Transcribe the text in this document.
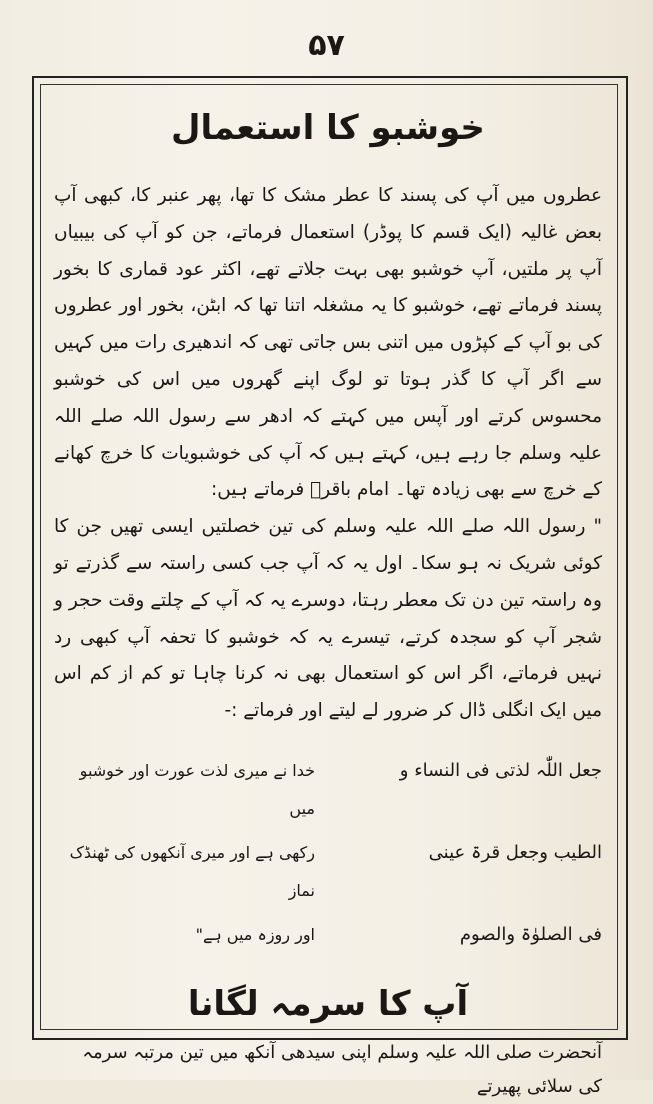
۵۷
خوشبو کا استعمال

عطروں میں آپ کی پسند کا عطر مشک کا تھا، پھر عنبر کا، کبھی آپ بعض غالیہ (ایک قسم کا پوڈر) استعمال فرماتے، جن کو آپ کی بیبیاں آپ پر ملتیں، آپ خوشبو بھی بہت جلاتے تھے، اکثر عود قماری کا بخور پسند فرماتے تھے، خوشبو کا یہ مشغلہ اتنا تھا کہ ابٹن، بخور اور عطروں کی بو آپ کے کپڑوں میں اتنی بس جاتی تھی کہ اندھیری رات میں کہیں سے اگر آپ کا گذر ہوتا تو لوگ اپنے گھروں میں اس کی خوشبو محسوس کرتے اور آپس میں کہتے کہ ادھر سے رسول اللہ صلے اللہ علیہ وسلم جا رہے ہیں، کہتے ہیں کہ آپ کی خوشبویات کا خرچ کھانے کے خرچ سے بھی زیادہ تھا۔ امام باقرؓ فرماتے ہیں:

" رسول اللہ صلے اللہ علیہ وسلم کی تین خصلتیں ایسی تھیں جن کا کوئی شریک نہ ہو سکا۔ اول یہ کہ آپ جب کسی راستہ سے گذرتے تو وہ راستہ تین دن تک معطر رہتا، دوسرے یہ کہ آپ کے چلتے وقت حجر و شجر آپ کو سجدہ کرتے، تیسرے یہ کہ خوشبو کا تحفہ آپ کبھی رد نہیں فرماتے، اگر اس کو استعمال بھی نہ کرنا چاہا تو کم از کم اس میں ایک انگلی ڈال کر ضرور لے لیتے اور فرماتے :-

جعل اللّٰہ لذتی فی النساء و
خدا نے میری لذت عورت اور خوشبو میں
الطیب وجعل قرۃ عینی
رکھی ہے اور میری آنکھوں کی ٹھنڈک نماز
فی الصلوٰۃ والصوم
اور روزہ میں ہے"
آپ کا سرمہ لگانا
آنحضرت صلی اللہ علیہ وسلم اپنی سیدھی آنکھ میں تین مرتبہ سرمہ کی سلائی پھیرتے
